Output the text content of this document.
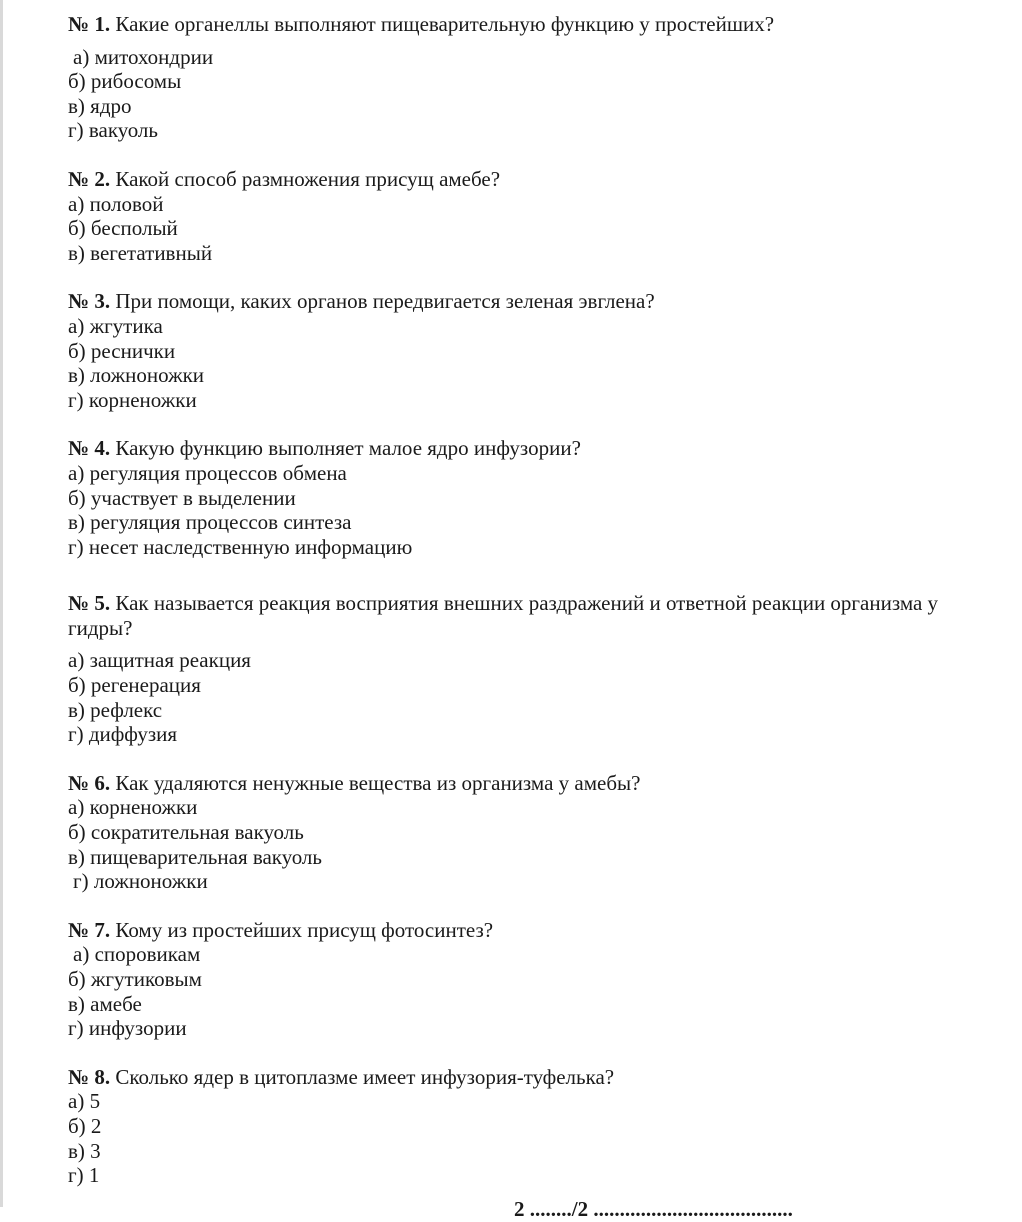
№ 1. Какие органеллы выполняют пищеварительную функцию у простейших?

а) митохондрии
б) рибосомы
в) ядро
г) вакуоль

№ 2. Какой способ размножения присущ амебе?

а) половой
б) бесполый
в) вегетативный

№ 3. При помощи, каких органов передвигается зеленая эвглена?

а) жгутика
б) реснички
в) ложноножки
г) корненожки

№ 4. Какую функцию выполняет малое ядро инфузории?

а) регуляция процессов обмена
б) участвует в выделении
в) регуляция процессов синтеза
г) несет наследственную информацию

№ 5. Как называется реакция восприятия внешних раздражений и ответной реакции организма у гидры?

а) защитная реакция
б) регенерация
в) рефлекс
г) диффузия

№ 6. Как удаляются ненужные вещества из организма у амебы?

а) корненожки
б) сократительная вакуоль
в) пищеварительная вакуоль
г) ложноножки

№ 7. Кому из простейших присущ фотосинтез?

а) споровикам
б) жгутиковым
в) амебе
г) инфузории

№ 8. Сколько ядер в цитоплазме имеет инфузория-туфелька?

а) 5
б) 2
в) 3
г) 1
2 ......../2 ......................................
